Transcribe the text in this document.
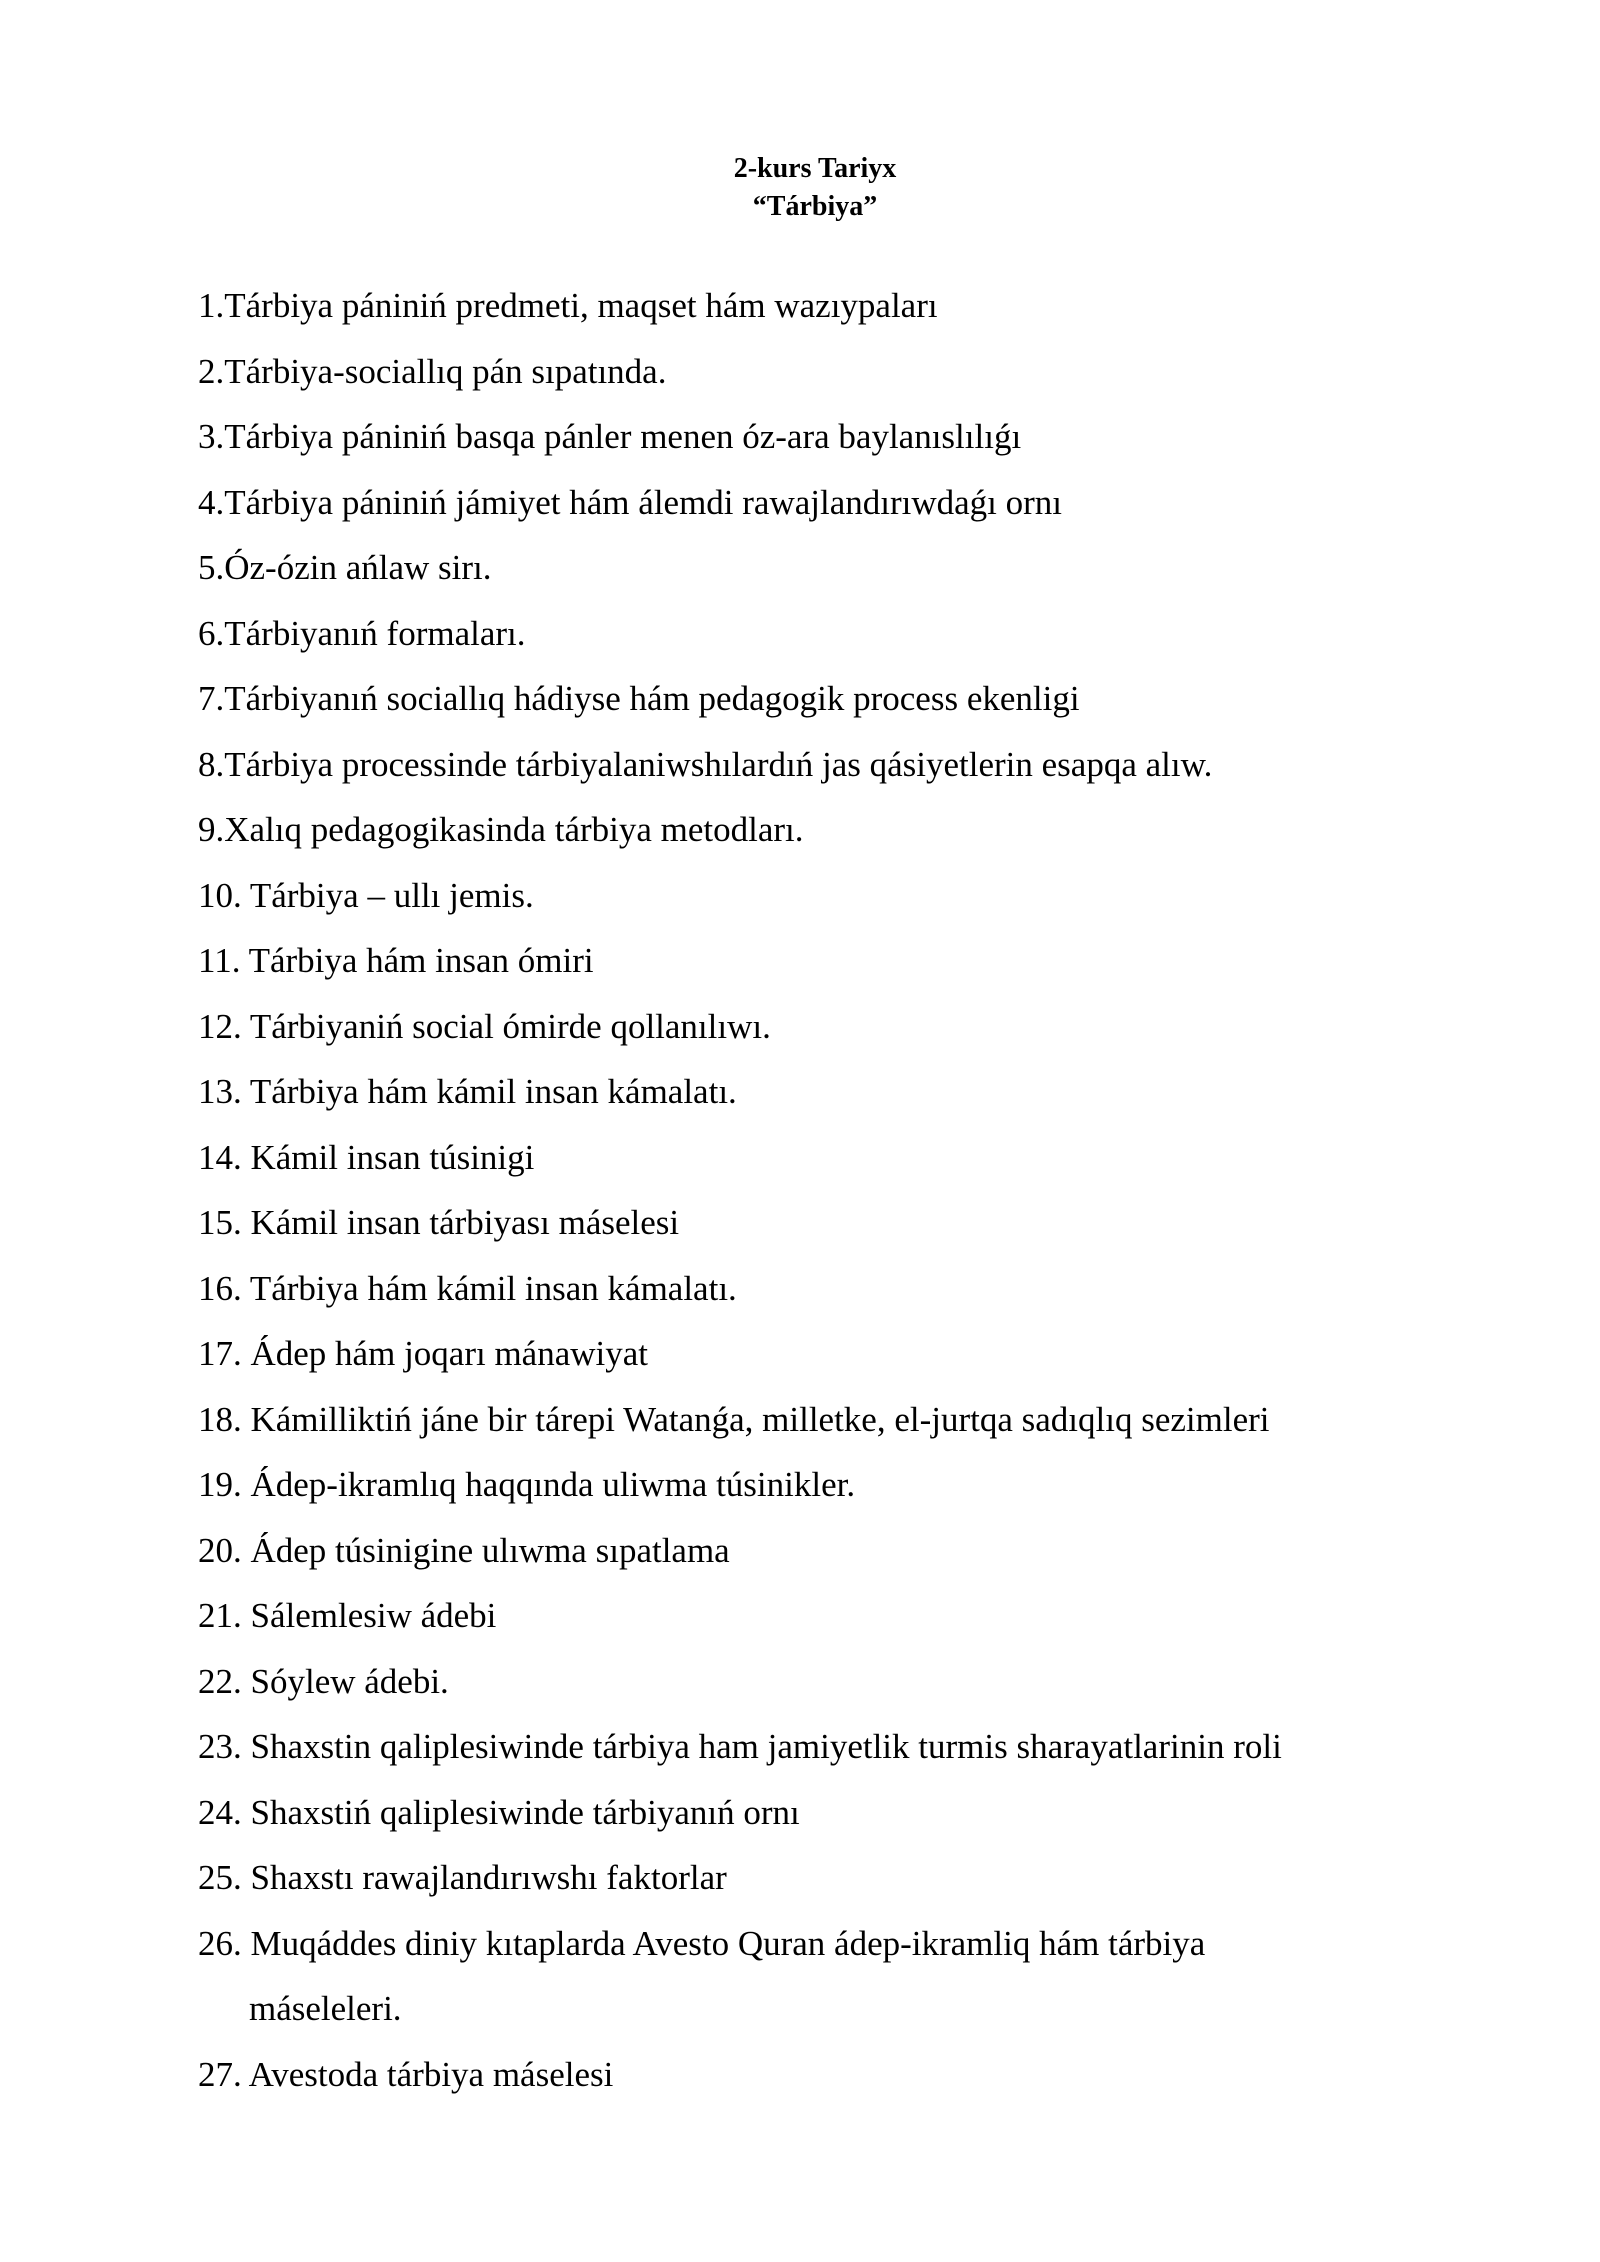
2-kurs Tariyx
“Tárbiya”
1.Tárbiya pániniń predmeti, maqset hám wazıypaları
2.Tárbiya-sociallıq pán sıpatında.
3.Tárbiya pániniń basqa pánler menen óz-ara baylanıslılıǵı
4.Tárbiya pániniń jámiyet hám álemdi rawajlandırıwdaǵı ornı
5.Óz-ózin ańlaw sirı.
6.Tárbiyanıń formaları.
7.Tárbiyanıń sociallıq hádiyse hám pedagogik process ekenligi
8.Tárbiya processinde tárbiyalaniwshılardıń jas qásiyetlerin esapqa alıw.
9.Xalıq pedagogikasinda tárbiya metodları.
10. Tárbiya – ullı jemis.
11. Tárbiya hám insan ómiri
12. Tárbiyaniń social ómirde qollanılıwı.
13. Tárbiya hám kámil insan kámalatı.
14. Kámil insan túsinigi
15. Kámil insan tárbiyası máselesi
16. Tárbiya hám kámil insan kámalatı.
17. Ádep hám joqarı mánawiyat
18. Kámilliktiń jáne bir tárepi Watanǵa, milletke, el-jurtqa sadıqlıq sezimleri
19. Ádep-ikramlıq haqqında uliwma túsinikler.
20. Ádep túsinigine ulıwma sıpatlama
21. Sálemlesiw ádebi
22. Sóylew ádebi.
23. Shaxstin qaliplesiwinde tárbiya ham jamiyetlik turmis sharayatlarinin roli
24. Shaxstiń qaliplesiwinde tárbiyanıń ornı
25. Shaxstı rawajlandırıwshı faktorlar
26. Muqáddes diniy kıtaplarda Avesto Quran ádep-ikramliq hám tárbiya
máseleleri.
27. Avestoda tárbiya máselesi
